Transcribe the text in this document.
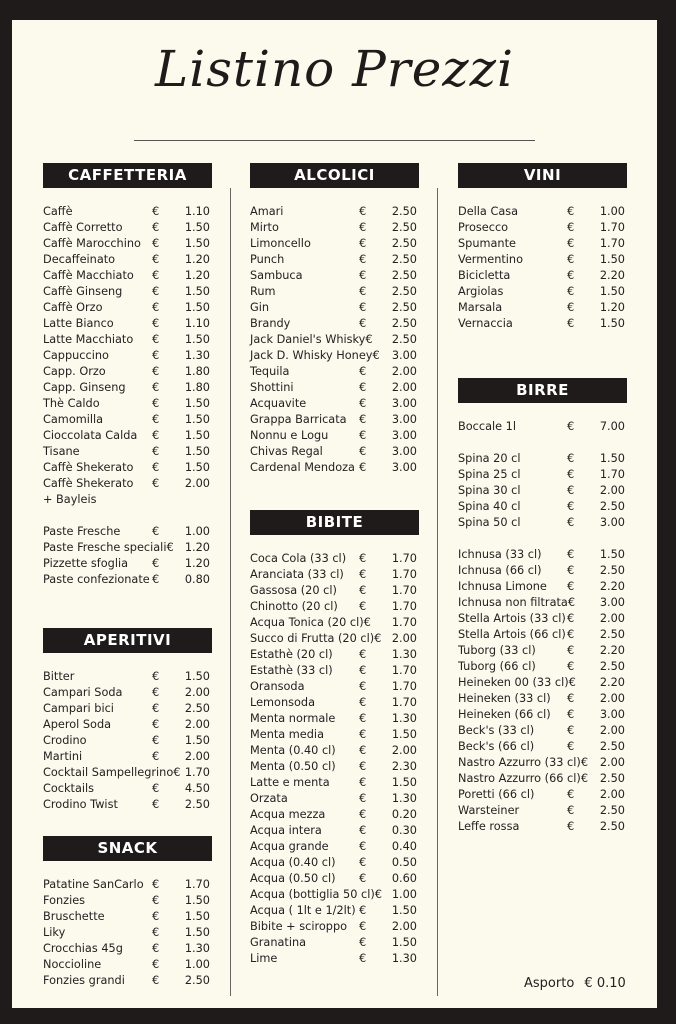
Listino Prezzi
CAFFETTERIA
Caffè	€	1.10
Caffè Corretto	€	1.50
Caffè Marocchino €	1.50
Decaffeinato	€	1.20
Caffè Macchiato	€	1.20
Caffè Ginseng	€	1.50
Caffè Orzo	€	1.50
Latte Bianco	€	1.10
Latte Macchiato	€	1.50
Cappuccino	€	1.30
Capp. Orzo	€	1.80
Capp. Ginseng	€	1.80
Thè Caldo	€	1.50
Camomilla	€	1.50
Cioccolata Calda	€	1.50
Tisane	€	1.50
Caffè Shekerato	€	1.50
Caffè Shekerato	€	2.00
+ Bayleis
Paste Fresche	€	1.00
Paste Fresche speciali € 1.20
Pizzette sfoglia	€	1.20
Paste confezionate €	0.80
APERITIVI
Bitter	€	1.50
Campari Soda	€	2.00
Campari bici	€	2.50
Aperol Soda	€	2.00
Crodino	€	1.50
Martini	€	2.00
Cocktail Sampellegrino € 1.70
Cocktails	€	4.50
Crodino Twist	€	2.50
SNACK
Patatine SanCarlo €	1.70
Fonzies	€	1.50
Bruschette	€	1.50
Liky	€	1.50
Crocchias 45g	€	1.30
Noccioline	€	1.00
Fonzies grandi	€	2.50
ALCOLICI
Amari	€	2.50
Mirto	€	2.50
Limoncello	€	2.50
Punch	€	2.50
Sambuca	€	2.50
Rum	€	2.50
Gin	€	2.50
Brandy	€	2.50
Jack Daniel's Whisky €	2.50
Jack D. Whisky Honey €	3.00
Tequila	€	2.00
Shottini	€	2.00
Acquavite	€	3.00
Grappa Barricata	€	3.00
Nonnu e Logu	€	3.00
Chivas Regal	€	3.00
Cardenal Mendoza €	3.00
BIBITE
Coca Cola (33 cl)	€	1.70
Aranciata (33 cl)	€	1.70
Gassosa (20 cl)	€	1.70
Chinotto (20 cl)	€	1.70
Acqua Tonica (20 cl) €	1.70
Succo di Frutta (20 cl) € 2.00
Estathè (20 cl)	€	1.30
Estathè (33 cl)	€	1.70
Oransoda	€	1.70
Lemonsoda	€	1.70
Menta normale	€	1.30
Menta media	€	1.50
Menta (0.40 cl)	€	2.00
Menta (0.50 cl)	€	2.30
Latte e menta	€	1.50
Orzata	€	1.30
Acqua mezza	€	0.20
Acqua intera	€	0.30
Acqua grande	€	0.40
Acqua (0.40 cl)	€	0.50
Acqua (0.50 cl)	€	0.60
Acqua (bottiglia 50 cl) € 1.00
Acqua ( 1lt e 1/2lt) €	1.50
Bibite + sciroppo	€	2.00
Granatina	€	1.50
Lime	€	1.30
VINI
Della Casa	€	1.00
Prosecco	€	1.70
Spumante	€	1.70
Vermentino	€	1.50
Bicicletta	€	2.20
Argiolas	€	1.50
Marsala	€	1.20
Vernaccia	€	1.50
BIRRE
Boccale 1l	€	7.00
Spina 20 cl	€	1.50
Spina 25 cl	€	1.70
Spina 30 cl	€	2.00
Spina 40 cl	€	2.50
Spina 50 cl	€	3.00
Ichnusa (33 cl)	€	1.50
Ichnusa (66 cl)	€	2.50
Ichnusa Limone	€	2.20
Ichnusa non filtrata €	3.00
Stella Artois (33 cl) €	2.00
Stella Artois (66 cl) €	2.50
Tuborg (33 cl)	€	2.20
Tuborg (66 cl)	€	2.50
Heineken 00 (33 cl) €	2.20
Heineken (33 cl)	€	2.00
Heineken (66 cl)	€	3.00
Beck's (33 cl)	€	2.00
Beck's (66 cl)	€	2.50
Nastro Azzurro (33 cl) €	2.00
Nastro Azzurro (66 cl) €	2.50
Poretti (66 cl)	€	2.00
Warsteiner	€	2.50
Leffe rossa	€	2.50
Asporto € 0.10
